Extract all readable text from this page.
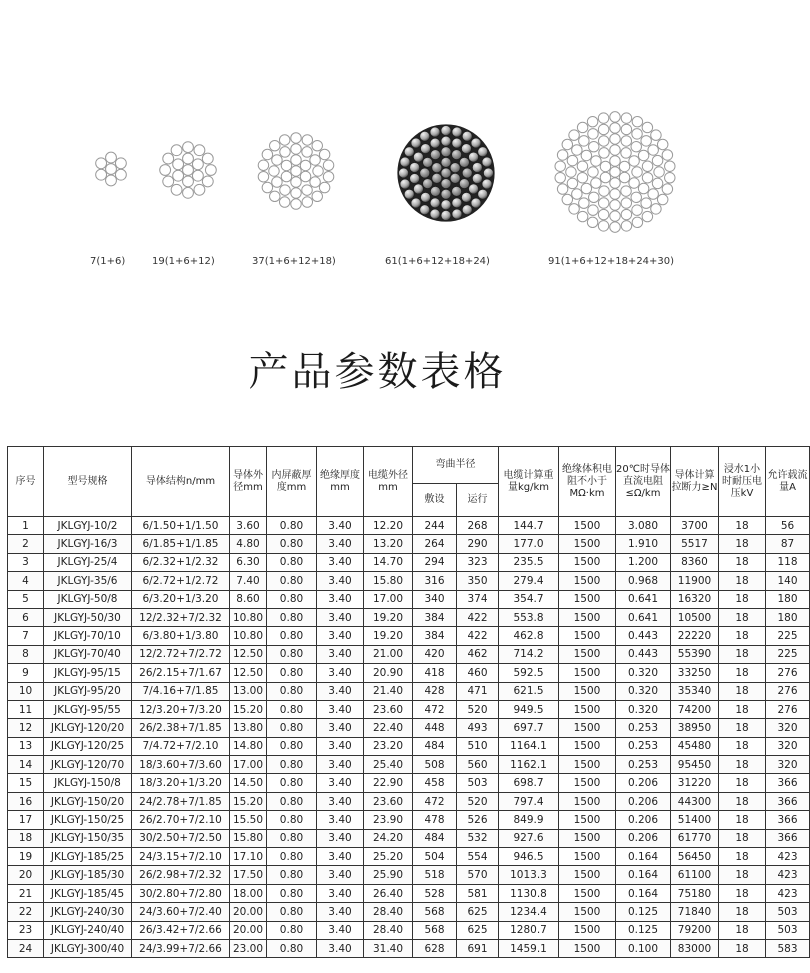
7(1+6)	19(1+6+12)	37(1+6+12+18)	61(1+6+12+18+24)	91(1+6+12+18+24+30)
产品参数表格
序号	型号规格	导体结构n/mm	导体外径mm	内屏蔽厚度mm	绝缘厚度mm	电缆外径mm	弯曲半径		电缆计算重量kg/km	绝缘体积电阻不小于MΩ·km	20℃时导体直流电阻≤Ω/km	导体计算拉断力≥N	浸水1小时耐压电压kV	允许载流量A
							敷设	运行						
1	JKLGYJ-10/2	6/1.50+1/1.50	3.60	0.80	3.40	12.20	244	268	144.7	1500	3.080	3700	18	56
2	JKLGYJ-16/3	6/1.85+1/1.85	4.80	0.80	3.40	13.20	264	290	177.0	1500	1.910	5517	18	87
3	JKLGYJ-25/4	6/2.32+1/2.32	6.30	0.80	3.40	14.70	294	323	235.5	1500	1.200	8360	18	118
4	JKLGYJ-35/6	6/2.72+1/2.72	7.40	0.80	3.40	15.80	316	350	279.4	1500	0.968	11900	18	140
5	JKLGYJ-50/8	6/3.20+1/3.20	8.60	0.80	3.40	17.00	340	374	354.7	1500	0.641	16320	18	180
6	JKLGYJ-50/30	12/2.32+7/2.32	10.80	0.80	3.40	19.20	384	422	553.8	1500	0.641	10500	18	180
7	JKLGYJ-70/10	6/3.80+1/3.80	10.80	0.80	3.40	19.20	384	422	462.8	1500	0.443	22220	18	225
8	JKLGYJ-70/40	12/2.72+7/2.72	12.50	0.80	3.40	21.00	420	462	714.2	1500	0.443	55390	18	225
9	JKLGYJ-95/15	26/2.15+7/1.67	12.50	0.80	3.40	20.90	418	460	592.5	1500	0.320	33250	18	276
10	JKLGYJ-95/20	7/4.16+7/1.85	13.00	0.80	3.40	21.40	428	471	621.5	1500	0.320	35340	18	276
11	JKLGYJ-95/55	12/3.20+7/3.20	15.20	0.80	3.40	23.60	472	520	949.5	1500	0.320	74200	18	276
12	JKLGYJ-120/20	26/2.38+7/1.85	13.80	0.80	3.40	22.40	448	493	697.7	1500	0.253	38950	18	320
13	JKLGYJ-120/25	7/4.72+7/2.10	14.80	0.80	3.40	23.20	484	510	1164.1	1500	0.253	45480	18	320
14	JKLGYJ-120/70	18/3.60+7/3.60	17.00	0.80	3.40	25.40	508	560	1162.1	1500	0.253	95450	18	320
15	JKLGYJ-150/8	18/3.20+1/3.20	14.50	0.80	3.40	22.90	458	503	698.7	1500	0.206	31220	18	366
16	JKLGYJ-150/20	24/2.78+7/1.85	15.20	0.80	3.40	23.60	472	520	797.4	1500	0.206	44300	18	366
17	JKLGYJ-150/25	26/2.70+7/2.10	15.50	0.80	3.40	23.90	478	526	849.9	1500	0.206	51400	18	366
18	JKLGYJ-150/35	30/2.50+7/2.50	15.80	0.80	3.40	24.20	484	532	927.6	1500	0.206	61770	18	366
19	JKLGYJ-185/25	24/3.15+7/2.10	17.10	0.80	3.40	25.20	504	554	946.5	1500	0.164	56450	18	423
20	JKLGYJ-185/30	26/2.98+7/2.32	17.50	0.80	3.40	25.90	518	570	1013.3	1500	0.164	61100	18	423
21	JKLGYJ-185/45	30/2.80+7/2.80	18.00	0.80	3.40	26.40	528	581	1130.8	1500	0.164	75180	18	423
22	JKLGYJ-240/30	24/3.60+7/2.40	20.00	0.80	3.40	28.40	568	625	1234.4	1500	0.125	71840	18	503
23	JKLGYJ-240/40	26/3.42+7/2.66	20.00	0.80	3.40	28.40	568	625	1280.7	1500	0.125	79200	18	503
24	JKLGYJ-300/40	24/3.99+7/2.66	23.00	0.80	3.40	31.40	628	691	1459.1	1500	0.100	83000	18	583
